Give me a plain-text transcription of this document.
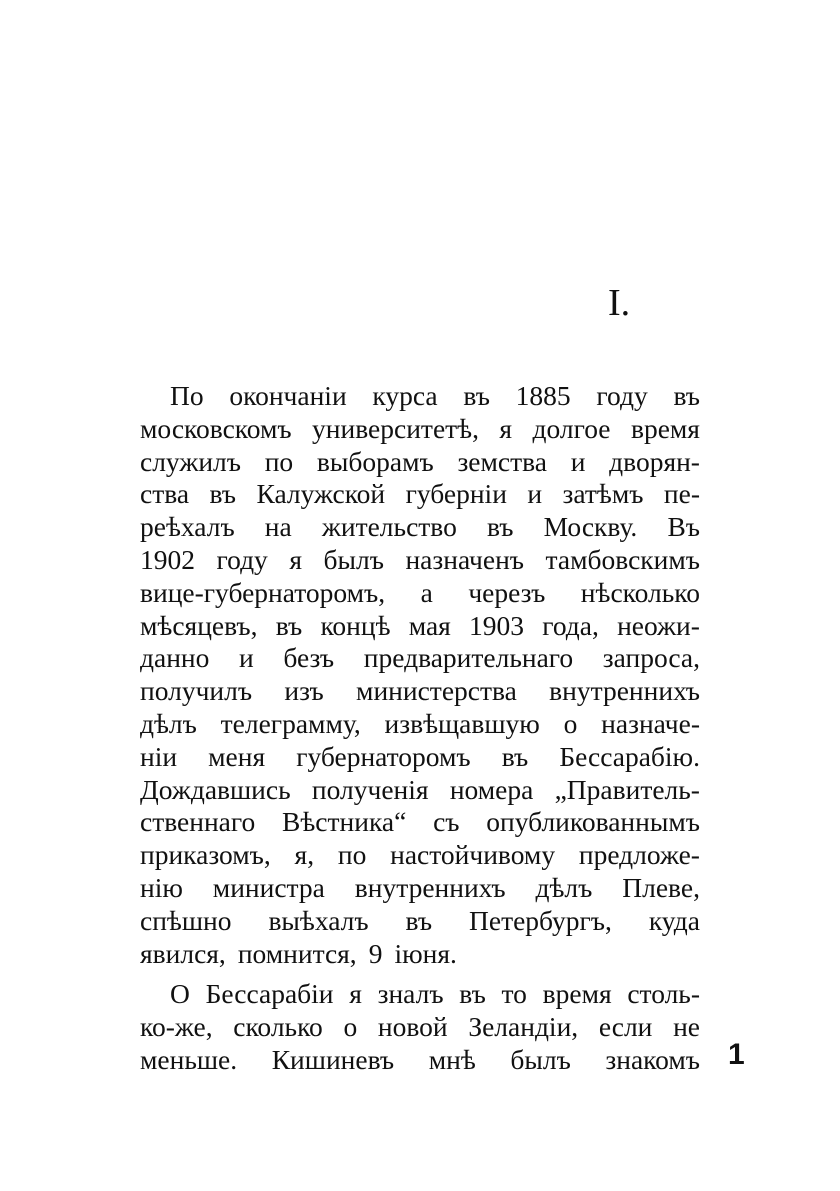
I.
По окончаніи курса въ 1885 году въ
московскомъ университетѣ, я долгое время
служилъ по выборамъ земства и дворян-
ства въ Калужской губерніи и затѣмъ пе-
реѣхалъ на жительство въ Москву. Въ
1902 году я былъ назначенъ тамбовскимъ
вице-губернаторомъ, а черезъ нѣсколько
мѣсяцевъ, въ концѣ мая 1903 года, неожи-
данно и безъ предварительнаго запроса,
получилъ изъ министерства внутреннихъ
дѣлъ телеграмму, извѣщавшую о назначе-
ніи меня губернаторомъ въ Бессарабію.
Дождавшись полученія номера „Правитель-
ственнаго Вѣстника“ съ опубликованнымъ
приказомъ, я, по настойчивому предложе-
нію министра внутреннихъ дѣлъ Плеве,
спѣшно выѣхалъ въ Петербургъ, куда
явился, помнится, 9 іюня.
О Бессарабіи я зналъ въ то время столь-
ко-же, сколько о новой Зеландіи, если не
меньше. Кишиневъ мнѣ былъ знакомъ 1
